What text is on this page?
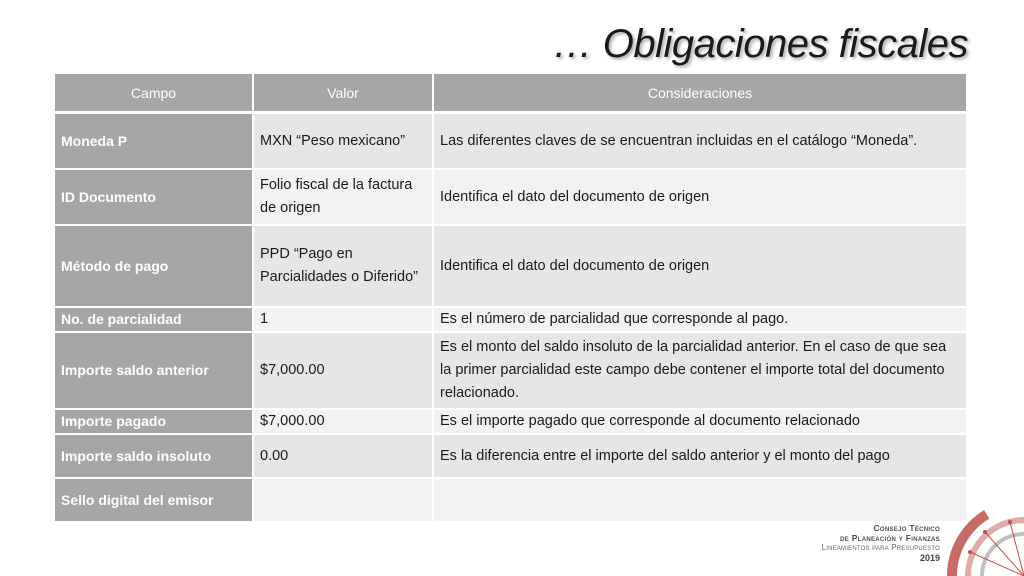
… Obligaciones fiscales
Campo	Valor	Consideraciones
Moneda P	MXN “Peso mexicano”	Las diferentes claves de se encuentran incluidas en el catálogo “Moneda”.
ID Documento	Folio fiscal de la factura de origen	Identifica el dato del documento de origen
Método de pago	PPD “Pago en Parcialidades o Diferido”	Identifica el dato del documento de origen
No. de parcialidad	1	Es el número de parcialidad que corresponde al pago.
Importe saldo anterior	$7,000.00	Es el monto del saldo insoluto de la parcialidad anterior. En el caso de que sea la primer parcialidad este campo debe contener el importe total del documento relacionado.
Importe pagado	$7,000.00	Es el importe pagado que corresponde al documento relacionado
Importe saldo insoluto	0.00	Es la diferencia entre el importe del saldo anterior y el monto del pago
Sello digital del emisor		
Consejo Técnico
de Planeación y Finanzas
Lineamientos para Presupuesto
2019
